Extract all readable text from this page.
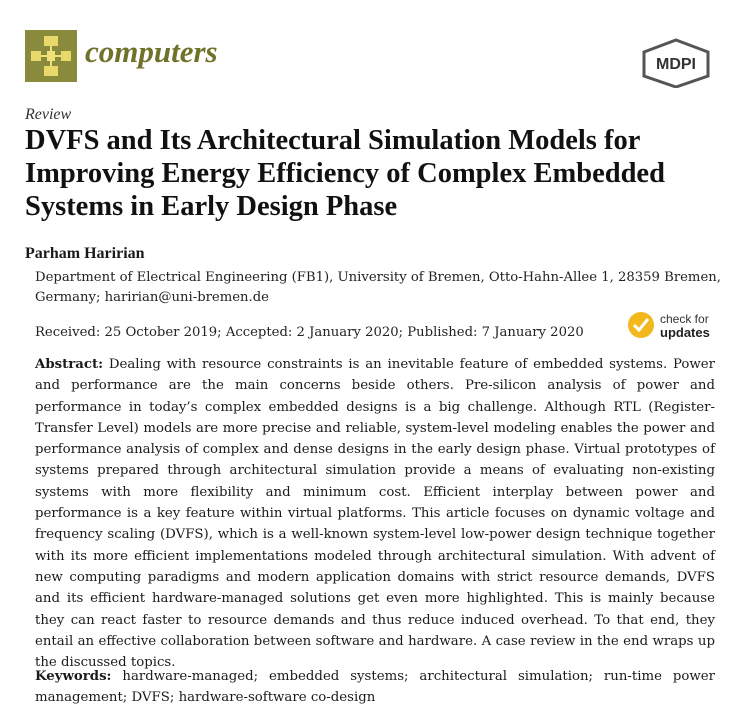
computers	MDPI
Review
DVFS and Its Architectural Simulation Models for Improving Energy Efficiency of Complex Embedded Systems in Early Design Phase
Parham Haririan
Department of Electrical Engineering (FB1), University of Bremen, Otto-Hahn-Allee 1, 28359 Bremen, Germany; haririan@uni-bremen.de
Received: 25 October 2019; Accepted: 2 January 2020; Published: 7 January 2020
check for
updates

Abstract: Dealing with resource constraints is an inevitable feature of embedded systems. Power and performance are the main concerns beside others. Pre-silicon analysis of power and performance in today’s complex embedded designs is a big challenge. Although RTL (Register-Transfer Level) models are more precise and reliable, system-level modeling enables the power and performance analysis of complex and dense designs in the early design phase. Virtual prototypes of systems prepared through architectural simulation provide a means of evaluating non-existing systems with more flexibility and minimum cost. Efficient interplay between power and performance is a key feature within virtual platforms. This article focuses on dynamic voltage and frequency scaling (DVFS), which is a well-known system-level low-power design technique together with its more efficient implementations modeled through architectural simulation. With advent of new computing paradigms and modern application domains with strict resource demands, DVFS and its efficient hardware-managed solutions get even more highlighted. This is mainly because they can react faster to resource demands and thus reduce induced overhead. To that end, they entail an effective collaboration between software and hardware. A case review in the end wraps up the discussed topics.

Keywords: hardware-managed; embedded systems; architectural simulation; run-time power management; DVFS; hardware-software co-design
